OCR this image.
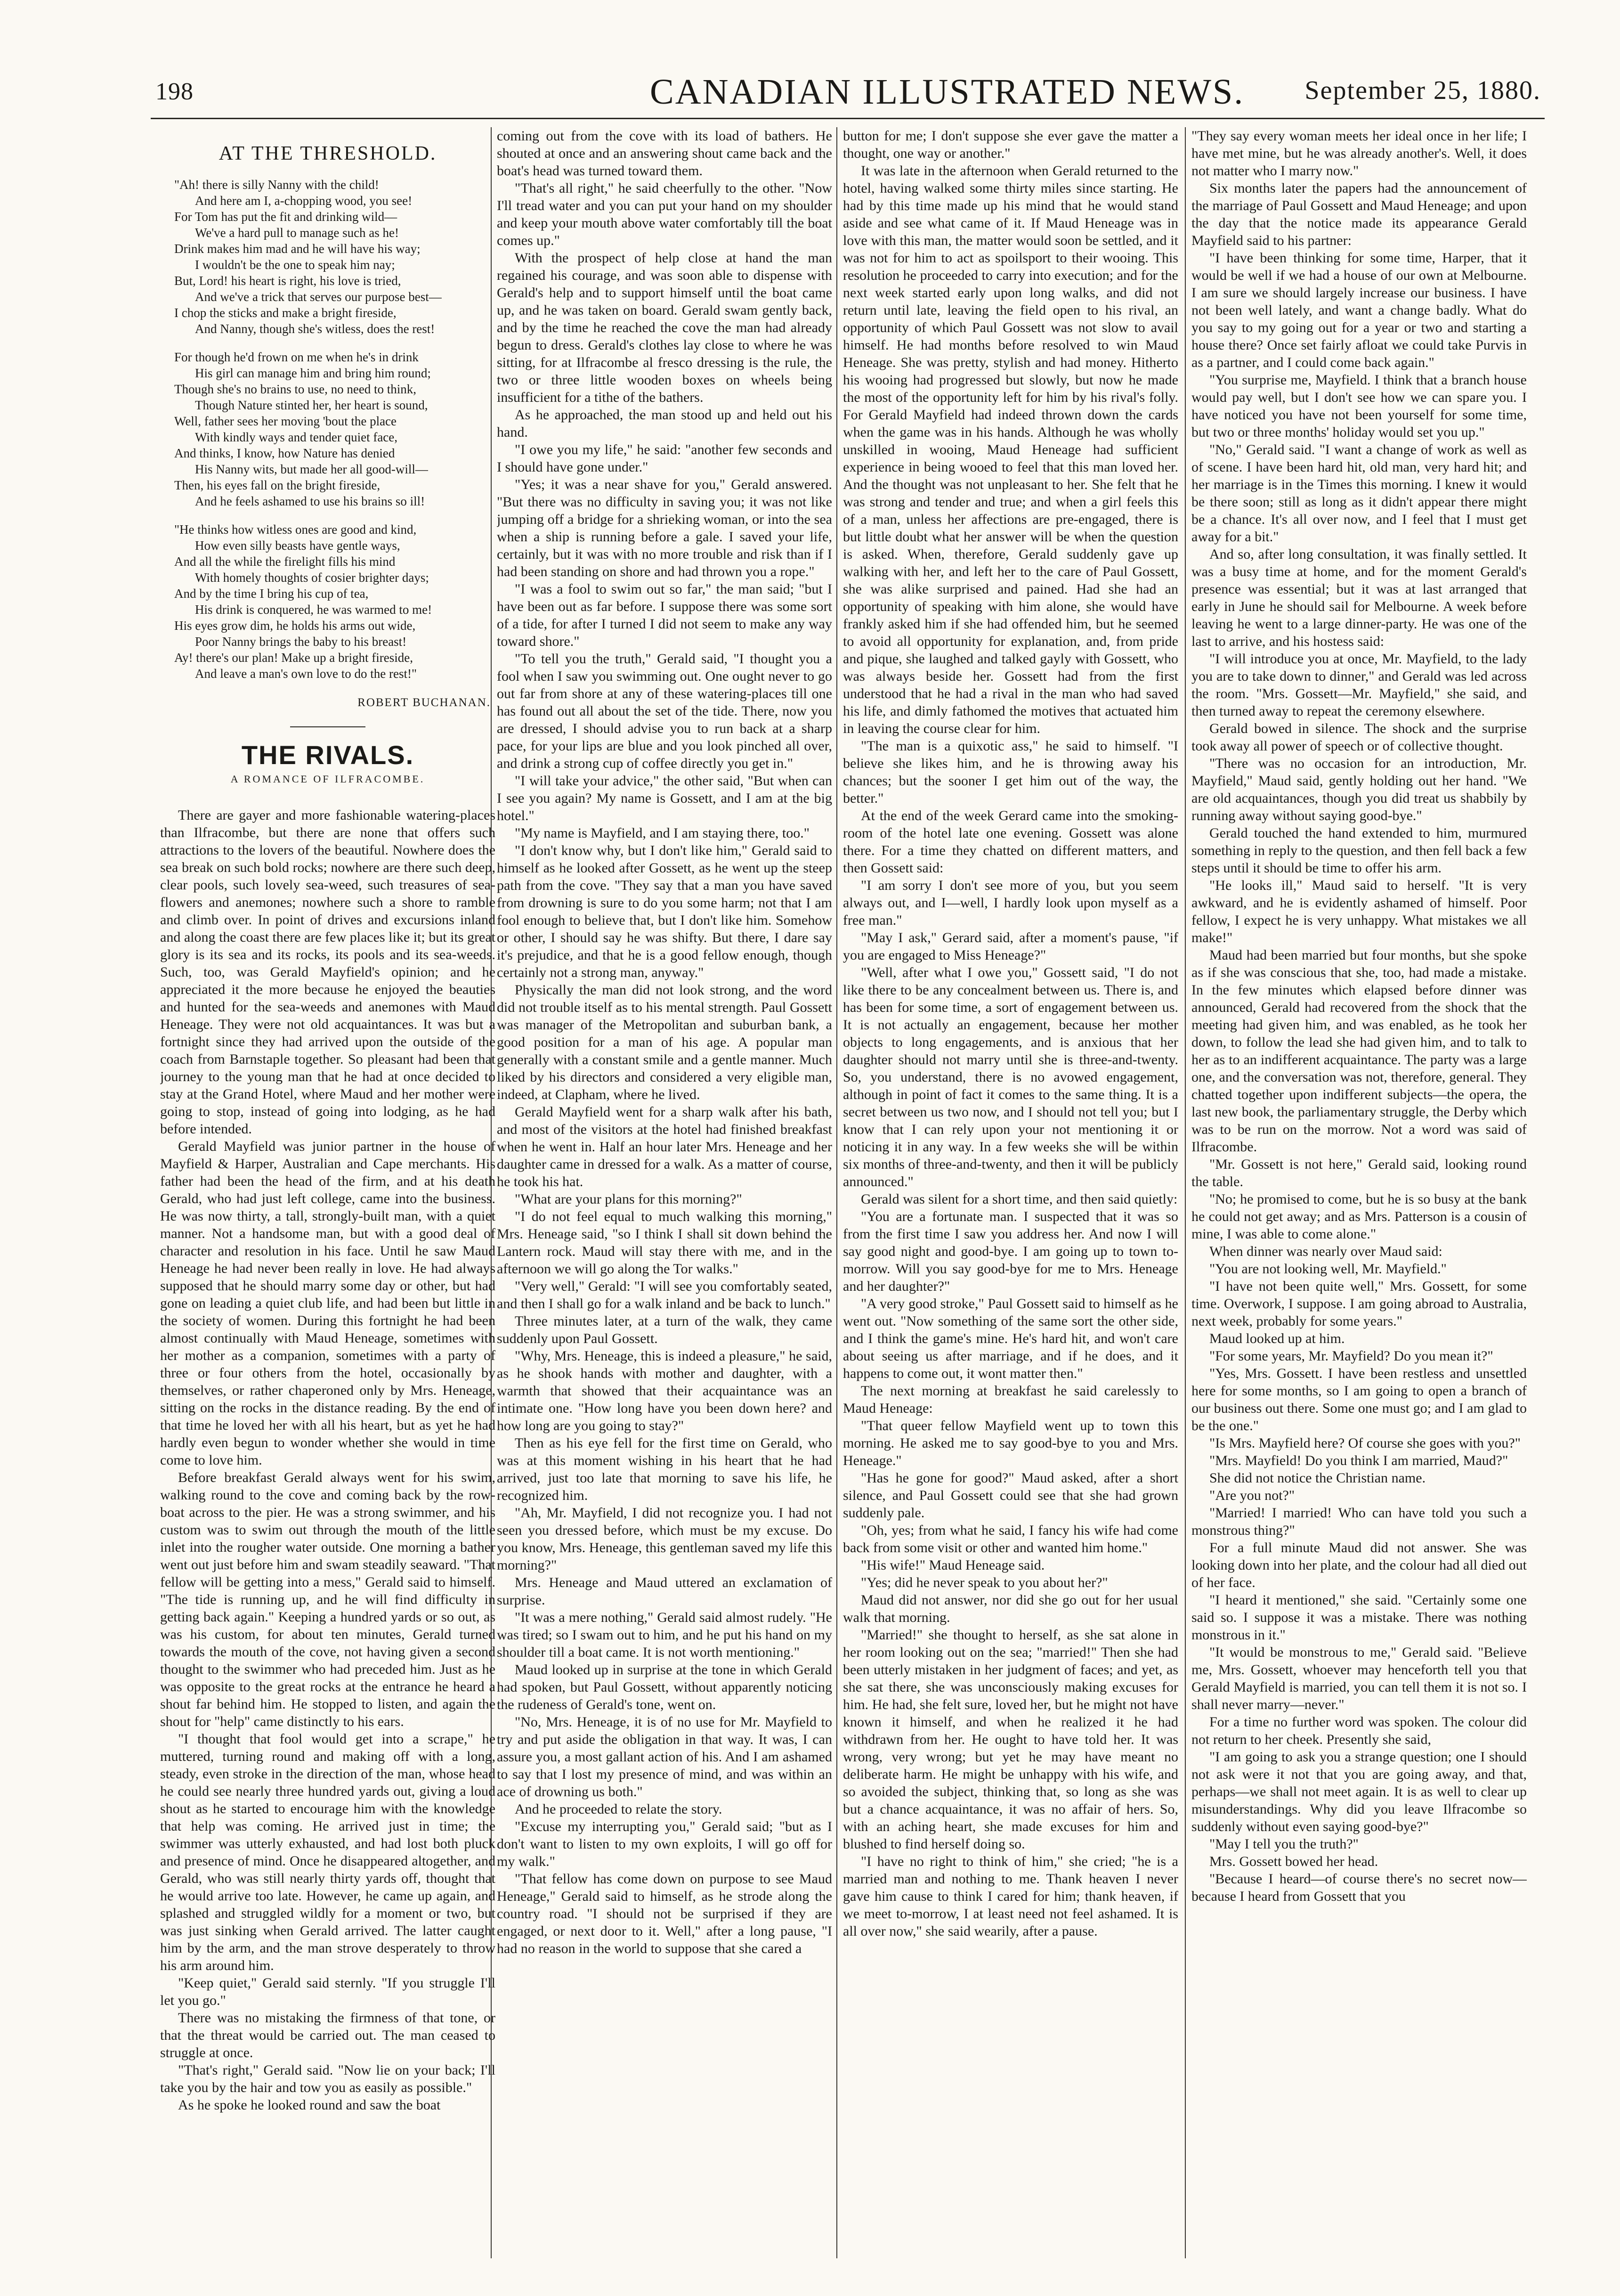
198	CANADIAN ILLUSTRATED NEWS. September 25, 1880.
AT THE THRESHOLD.
"Ah! there is silly Nanny with the child!
And here am I, a-chopping wood, you see!
For Tom has put the fit and drinking wild—
We've a hard pull to manage such as he!
Drink makes him mad and he will have his way;
I wouldn't be the one to speak him nay;
But, Lord! his heart is right, his love is tried,
And we've a trick that serves our purpose best—
I chop the sticks and make a bright fireside,
And Nanny, though she's witless, does the rest!
For though he'd frown on me when he's in drink
His girl can manage him and bring him round;
Though she's no brains to use, no need to think,
Though Nature stinted her, her heart is sound,
Well, father sees her moving 'bout the place
With kindly ways and tender quiet face,
And thinks, I know, how Nature has denied
His Nanny wits, but made her all good-will—
Then, his eyes fall on the bright fireside,
And he feels ashamed to use his brains so ill!
"He thinks how witless ones are good and kind,
How even silly beasts have gentle ways,
And all the while the firelight fills his mind
With homely thoughts of cosier brighter days;
And by the time I bring his cup of tea,
His drink is conquered, he was warmed to me!
His eyes grow dim, he holds his arms out wide,
Poor Nanny brings the baby to his breast!
Ay! there's our plan! Make up a bright fireside,
And leave a man's own love to do the rest!"
ROBERT BUCHANAN.
THE RIVALS.
A ROMANCE OF ILFRACOMBE.

There are gayer and more fashionable watering-places than Ilfracombe, but there are none that offers such attractions to the lovers of the beautiful. Nowhere does the sea break on such bold rocks; nowhere are there such deep, clear pools, such lovely sea-weed, such treasures of sea-flowers and anemones; nowhere such a shore to ramble and climb over. In point of drives and excursions inland and along the coast there are few places like it; but its great glory is its sea and its rocks, its pools and its sea-weeds. Such, too, was Gerald Mayfield's opinion; and he appreciated it the more because he enjoyed the beauties and hunted for the sea-weeds and anemones with Maud Heneage. They were not old acquaintances. It was but a fortnight since they had arrived upon the outside of the coach from Barnstaple together. So pleasant had been that journey to the young man that he had at once decided to stay at the Grand Hotel, where Maud and her mother were going to stop, instead of going into lodging, as he had before intended.

Gerald Mayfield was junior partner in the house of Mayfield & Harper, Australian and Cape merchants. His father had been the head of the firm, and at his death Gerald, who had just left college, came into the business. He was now thirty, a tall, strongly-built man, with a quiet manner. Not a handsome man, but with a good deal of character and resolution in his face. Until he saw Maud Heneage he had never been really in love. He had always supposed that he should marry some day or other, but had gone on leading a quiet club life, and had been but little in the society of women. During this fortnight he had been almost continually with Maud Heneage, sometimes with her mother as a companion, sometimes with a party of three or four others from the hotel, occasionally by themselves, or rather chaperoned only by Mrs. Heneage, sitting on the rocks in the distance reading. By the end of that time he loved her with all his heart, but as yet he had hardly even begun to wonder whether she would in time come to love him.

Before breakfast Gerald always went for his swim, walking round to the cove and coming back by the row-boat across to the pier. He was a strong swimmer, and his custom was to swim out through the mouth of the little inlet into the rougher water outside. One morning a bather went out just before him and swam steadily seaward. "That fellow will be getting into a mess," Gerald said to himself. "The tide is running up, and he will find difficulty in getting back again." Keeping a hundred yards or so out, as was his custom, for about ten minutes, Gerald turned towards the mouth of the cove, not having given a second thought to the swimmer who had preceded him. Just as he was opposite to the great rocks at the entrance he heard a shout far behind him. He stopped to listen, and again the shout for "help" came distinctly to his ears.

"I thought that fool would get into a scrape," he muttered, turning round and making off with a long, steady, even stroke in the direction of the man, whose head he could see nearly three hundred yards out, giving a loud shout as he started to encourage him with the knowledge that help was coming. He arrived just in time; the swimmer was utterly exhausted, and had lost both pluck and presence of mind. Once he disappeared altogether, and Gerald, who was still nearly thirty yards off, thought that he would arrive too late. However, he came up again, and splashed and struggled wildly for a moment or two, but was just sinking when Gerald arrived. The latter caught him by the arm, and the man strove desperately to throw his arm around him.

"Keep quiet," Gerald said sternly. "If you struggle I'll let you go."

There was no mistaking the firmness of that tone, or that the threat would be carried out. The man ceased to struggle at once.

"That's right," Gerald said. "Now lie on your back; I'll take you by the hair and tow you as easily as possible."

As he spoke he looked round and saw the boat

coming out from the cove with its load of bathers. He shouted at once and an answering shout came back and the boat's head was turned toward them.

"That's all right," he said cheerfully to the other. "Now I'll tread water and you can put your hand on my shoulder and keep your mouth above water comfortably till the boat comes up."

With the prospect of help close at hand the man regained his courage, and was soon able to dispense with Gerald's help and to support himself until the boat came up, and he was taken on board. Gerald swam gently back, and by the time he reached the cove the man had already begun to dress. Gerald's clothes lay close to where he was sitting, for at Ilfracombe al fresco dressing is the rule, the two or three little wooden boxes on wheels being insufficient for a tithe of the bathers.

As he approached, the man stood up and held out his hand.

"I owe you my life," he said: "another few seconds and I should have gone under."

"Yes; it was a near shave for you," Gerald answered. "But there was no difficulty in saving you; it was not like jumping off a bridge for a shrieking woman, or into the sea when a ship is running before a gale. I saved your life, certainly, but it was with no more trouble and risk than if I had been standing on shore and had thrown you a rope."

"I was a fool to swim out so far," the man said; "but I have been out as far before. I suppose there was some sort of a tide, for after I turned I did not seem to make any way toward shore."

"To tell you the truth," Gerald said, "I thought you a fool when I saw you swimming out. One ought never to go out far from shore at any of these watering-places till one has found out all about the set of the tide. There, now you are dressed, I should advise you to run back at a sharp pace, for your lips are blue and you look pinched all over, and drink a strong cup of coffee directly you get in."

"I will take your advice," the other said, "But when can I see you again? My name is Gossett, and I am at the big hotel."

"My name is Mayfield, and I am staying there, too."

"I don't know why, but I don't like him," Gerald said to himself as he looked after Gossett, as he went up the steep path from the cove. "They say that a man you have saved from drowning is sure to do you some harm; not that I am fool enough to believe that, but I don't like him. Somehow or other, I should say he was shifty. But there, I dare say it's prejudice, and that he is a good fellow enough, though certainly not a strong man, anyway."

Physically the man did not look strong, and the word did not trouble itself as to his mental strength. Paul Gossett was manager of the Metropolitan and suburban bank, a good position for a man of his age. A popular man generally with a constant smile and a gentle manner. Much liked by his directors and considered a very eligible man, indeed, at Clapham, where he lived.

Gerald Mayfield went for a sharp walk after his bath, and most of the visitors at the hotel had finished breakfast when he went in. Half an hour later Mrs. Heneage and her daughter came in dressed for a walk. As a matter of course, he took his hat.

"What are your plans for this morning?"

"I do not feel equal to much walking this morning," Mrs. Heneage said, "so I think I shall sit down behind the Lantern rock. Maud will stay there with me, and in the afternoon we will go along the Tor walks."

"Very well," Gerald: "I will see you comfortably seated, and then I shall go for a walk inland and be back to lunch."

Three minutes later, at a turn of the walk, they came suddenly upon Paul Gossett.

"Why, Mrs. Heneage, this is indeed a pleasure," he said, as he shook hands with mother and daughter, with a warmth that showed that their acquaintance was an intimate one. "How long have you been down here? and how long are you going to stay?"

Then as his eye fell for the first time on Gerald, who was at this moment wishing in his heart that he had arrived, just too late that morning to save his life, he recognized him.

"Ah, Mr. Mayfield, I did not recognize you. I had not seen you dressed before, which must be my excuse. Do you know, Mrs. Heneage, this gentleman saved my life this morning?"

Mrs. Heneage and Maud uttered an exclamation of surprise.

"It was a mere nothing," Gerald said almost rudely. "He was tired; so I swam out to him, and he put his hand on my shoulder till a boat came. It is not worth mentioning."

Maud looked up in surprise at the tone in which Gerald had spoken, but Paul Gossett, without apparently noticing the rudeness of Gerald's tone, went on.

"No, Mrs. Heneage, it is of no use for Mr. Mayfield to try and put aside the obligation in that way. It was, I can assure you, a most gallant action of his. And I am ashamed to say that I lost my presence of mind, and was within an ace of drowning us both."

And he proceeded to relate the story.

"Excuse my interrupting you," Gerald said; "but as I don't want to listen to my own exploits, I will go off for my walk."

"That fellow has come down on purpose to see Maud Heneage," Gerald said to himself, as he strode along the country road. "I should not be surprised if they are engaged, or next door to it. Well," after a long pause, "I had no reason in the world to suppose that she cared a

button for me; I don't suppose she ever gave the matter a thought, one way or another."

It was late in the afternoon when Gerald returned to the hotel, having walked some thirty miles since starting. He had by this time made up his mind that he would stand aside and see what came of it. If Maud Heneage was in love with this man, the matter would soon be settled, and it was not for him to act as spoilsport to their wooing. This resolution he proceeded to carry into execution; and for the next week started early upon long walks, and did not return until late, leaving the field open to his rival, an opportunity of which Paul Gossett was not slow to avail himself. He had months before resolved to win Maud Heneage. She was pretty, stylish and had money. Hitherto his wooing had progressed but slowly, but now he made the most of the opportunity left for him by his rival's folly. For Gerald Mayfield had indeed thrown down the cards when the game was in his hands. Although he was wholly unskilled in wooing, Maud Heneage had sufficient experience in being wooed to feel that this man loved her. And the thought was not unpleasant to her. She felt that he was strong and tender and true; and when a girl feels this of a man, unless her affections are pre-engaged, there is but little doubt what her answer will be when the question is asked. When, therefore, Gerald suddenly gave up walking with her, and left her to the care of Paul Gossett, she was alike surprised and pained. Had she had an opportunity of speaking with him alone, she would have frankly asked him if she had offended him, but he seemed to avoid all opportunity for explanation, and, from pride and pique, she laughed and talked gayly with Gossett, who was always beside her. Gossett had from the first understood that he had a rival in the man who had saved his life, and dimly fathomed the motives that actuated him in leaving the course clear for him.

"The man is a quixotic ass," he said to himself. "I believe she likes him, and he is throwing away his chances; but the sooner I get him out of the way, the better."

At the end of the week Gerard came into the smoking-room of the hotel late one evening. Gossett was alone there. For a time they chatted on different matters, and then Gossett said:

"I am sorry I don't see more of you, but you seem always out, and I—well, I hardly look upon myself as a free man."

"May I ask," Gerard said, after a moment's pause, "if you are engaged to Miss Heneage?"

"Well, after what I owe you," Gossett said, "I do not like there to be any concealment between us. There is, and has been for some time, a sort of engagement between us. It is not actually an engagement, because her mother objects to long engagements, and is anxious that her daughter should not marry until she is three-and-twenty. So, you understand, there is no avowed engagement, although in point of fact it comes to the same thing. It is a secret between us two now, and I should not tell you; but I know that I can rely upon your not mentioning it or noticing it in any way. In a few weeks she will be within six months of three-and-twenty, and then it will be publicly announced."

Gerald was silent for a short time, and then said quietly:

"You are a fortunate man. I suspected that it was so from the first time I saw you address her. And now I will say good night and good-bye. I am going up to town to-morrow. Will you say good-bye for me to Mrs. Heneage and her daughter?"

"A very good stroke," Paul Gossett said to himself as he went out. "Now something of the same sort the other side, and I think the game's mine. He's hard hit, and won't care about seeing us after marriage, and if he does, and it happens to come out, it wont matter then."

The next morning at breakfast he said carelessly to Maud Heneage:

"That queer fellow Mayfield went up to town this morning. He asked me to say good-bye to you and Mrs. Heneage."

"Has he gone for good?" Maud asked, after a short silence, and Paul Gossett could see that she had grown suddenly pale.

"Oh, yes; from what he said, I fancy his wife had come back from some visit or other and wanted him home."

"His wife!" Maud Heneage said.

"Yes; did he never speak to you about her?"

Maud did not answer, nor did she go out for her usual walk that morning.

"Married!" she thought to herself, as she sat alone in her room looking out on the sea; "married!" Then she had been utterly mistaken in her judgment of faces; and yet, as she sat there, she was unconsciously making excuses for him. He had, she felt sure, loved her, but he might not have known it himself, and when he realized it he had withdrawn from her. He ought to have told her. It was wrong, very wrong; but yet he may have meant no deliberate harm. He might be unhappy with his wife, and so avoided the subject, thinking that, so long as she was but a chance acquaintance, it was no affair of hers. So, with an aching heart, she made excuses for him and blushed to find herself doing so.

"I have no right to think of him," she cried; "he is a married man and nothing to me. Thank heaven I never gave him cause to think I cared for him; thank heaven, if we meet to-morrow, I at least need not feel ashamed. It is all over now," she said wearily, after a pause.

"They say every woman meets her ideal once in her life; I have met mine, but he was already another's. Well, it does not matter who I marry now."

Six months later the papers had the announcement of the marriage of Paul Gossett and Maud Heneage; and upon the day that the notice made its appearance Gerald Mayfield said to his partner:

"I have been thinking for some time, Harper, that it would be well if we had a house of our own at Melbourne. I am sure we should largely increase our business. I have not been well lately, and want a change badly. What do you say to my going out for a year or two and starting a house there? Once set fairly afloat we could take Purvis in as a partner, and I could come back again."

"You surprise me, Mayfield. I think that a branch house would pay well, but I don't see how we can spare you. I have noticed you have not been yourself for some time, but two or three months' holiday would set you up."

"No," Gerald said. "I want a change of work as well as of scene. I have been hard hit, old man, very hard hit; and her marriage is in the Times this morning. I knew it would be there soon; still as long as it didn't appear there might be a chance. It's all over now, and I feel that I must get away for a bit."

And so, after long consultation, it was finally settled. It was a busy time at home, and for the moment Gerald's presence was essential; but it was at last arranged that early in June he should sail for Melbourne. A week before leaving he went to a large dinner-party. He was one of the last to arrive, and his hostess said:

"I will introduce you at once, Mr. Mayfield, to the lady you are to take down to dinner," and Gerald was led across the room. "Mrs. Gossett—Mr. Mayfield," she said, and then turned away to repeat the ceremony elsewhere.

Gerald bowed in silence. The shock and the surprise took away all power of speech or of collective thought.

"There was no occasion for an introduction, Mr. Mayfield," Maud said, gently holding out her hand. "We are old acquaintances, though you did treat us shabbily by running away without saying good-bye."

Gerald touched the hand extended to him, murmured something in reply to the question, and then fell back a few steps until it should be time to offer his arm.

"He looks ill," Maud said to herself. "It is very awkward, and he is evidently ashamed of himself. Poor fellow, I expect he is very unhappy. What mistakes we all make!"

Maud had been married but four months, but she spoke as if she was conscious that she, too, had made a mistake. In the few minutes which elapsed before dinner was announced, Gerald had recovered from the shock that the meeting had given him, and was enabled, as he took her down, to follow the lead she had given him, and to talk to her as to an indifferent acquaintance. The party was a large one, and the conversation was not, therefore, general. They chatted together upon indifferent subjects—the opera, the last new book, the parliamentary struggle, the Derby which was to be run on the morrow. Not a word was said of Ilfracombe.

"Mr. Gossett is not here," Gerald said, looking round the table.

"No; he promised to come, but he is so busy at the bank he could not get away; and as Mrs. Patterson is a cousin of mine, I was able to come alone."

When dinner was nearly over Maud said:

"You are not looking well, Mr. Mayfield."

"I have not been quite well," Mrs. Gossett, for some time. Overwork, I suppose. I am going abroad to Australia, next week, probably for some years."

Maud looked up at him.

"For some years, Mr. Mayfield? Do you mean it?"

"Yes, Mrs. Gossett. I have been restless and unsettled here for some months, so I am going to open a branch of our business out there. Some one must go; and I am glad to be the one."

"Is Mrs. Mayfield here? Of course she goes with you?"

"Mrs. Mayfield! Do you think I am married, Maud?"

She did not notice the Christian name.

"Are you not?"

"Married! I married! Who can have told you such a monstrous thing?"

For a full minute Maud did not answer. She was looking down into her plate, and the colour had all died out of her face.

"I heard it mentioned," she said. "Certainly some one said so. I suppose it was a mistake. There was nothing monstrous in it."

"It would be monstrous to me," Gerald said. "Believe me, Mrs. Gossett, whoever may henceforth tell you that Gerald Mayfield is married, you can tell them it is not so. I shall never marry—never."

For a time no further word was spoken. The colour did not return to her cheek. Presently she said,

"I am going to ask you a strange question; one I should not ask were it not that you are going away, and that, perhaps—we shall not meet again. It is as well to clear up misunderstandings. Why did you leave Ilfracombe so suddenly without even saying good-bye?"

"May I tell you the truth?"

Mrs. Gossett bowed her head.

"Because I heard—of course there's no secret now—because I heard from Gossett that you
